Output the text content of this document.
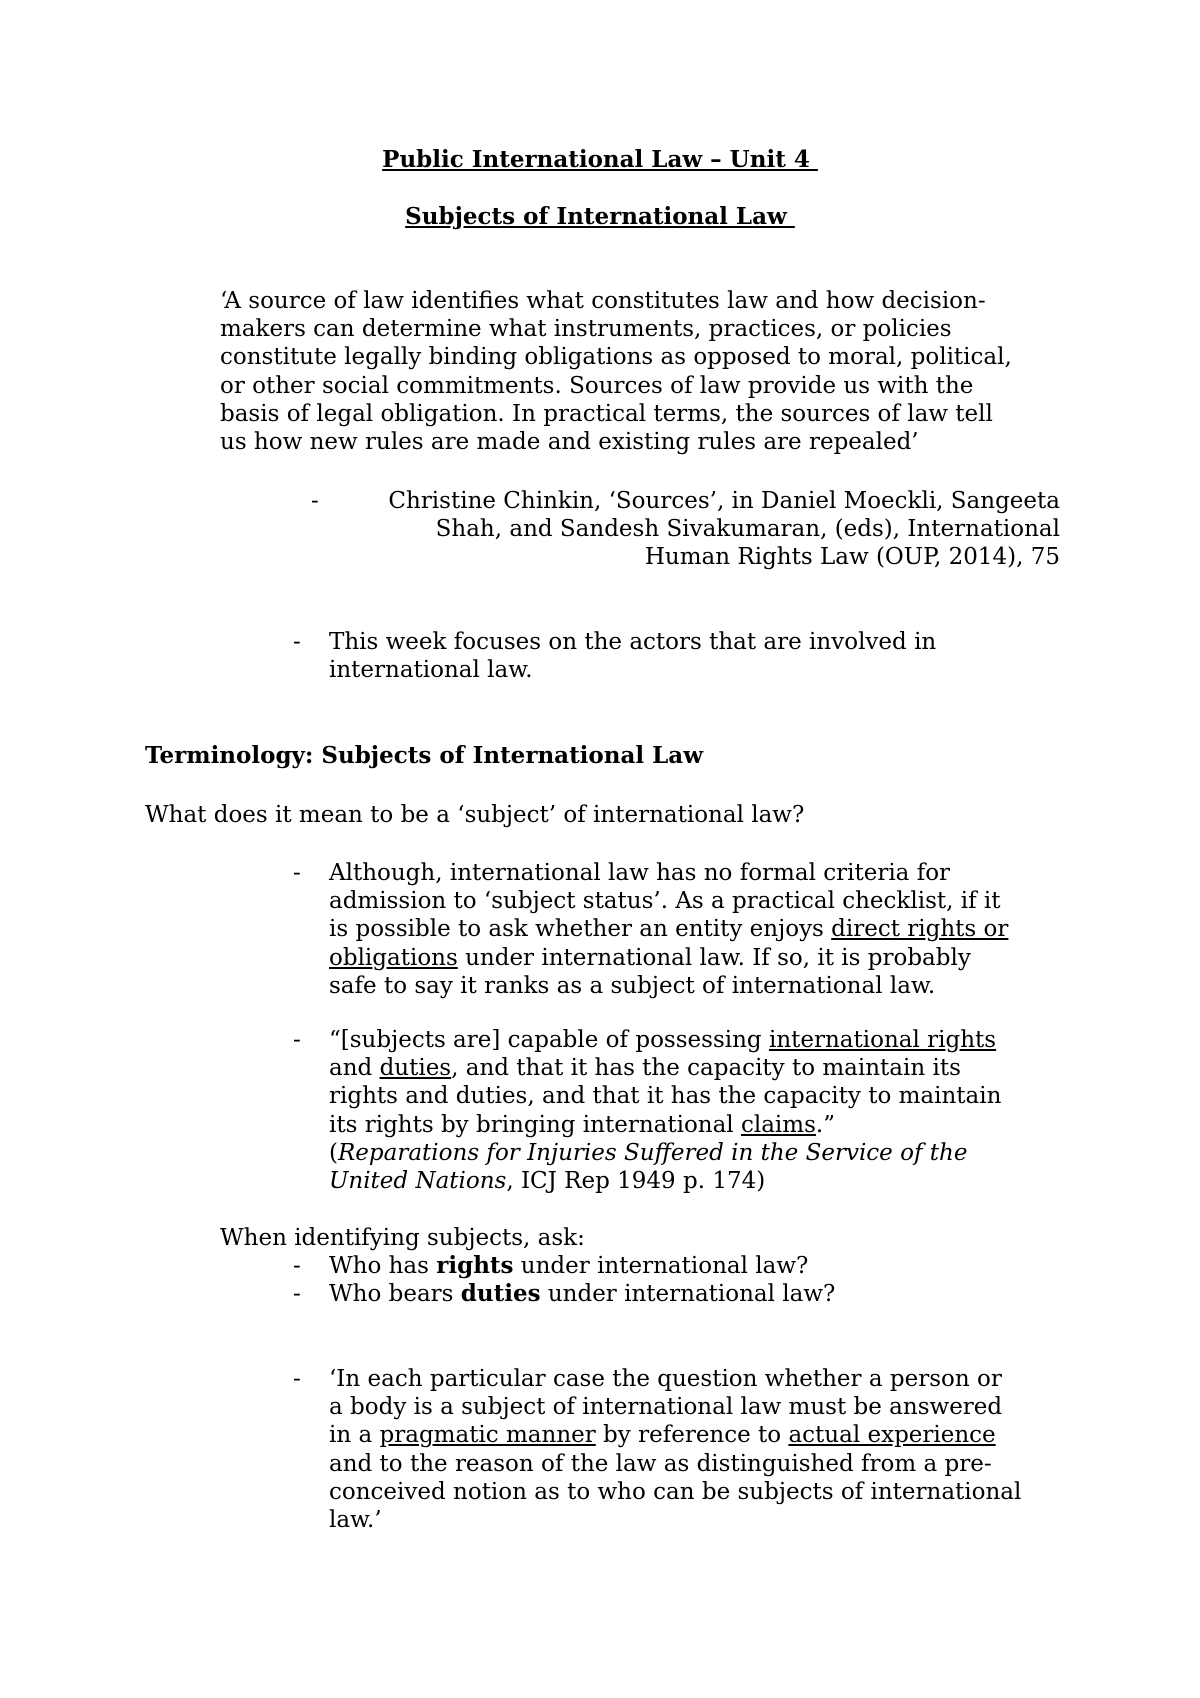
Public International Law – Unit 4
Subjects of International Law
‘A source of law identifies what constitutes law and how decision-
makers can determine what instruments, practices, or policies
constitute legally binding obligations as opposed to moral, political,
or other social commitments. Sources of law provide us with the
basis of legal obligation. In practical terms, the sources of law tell
us how new rules are made and existing rules are repealed’
-	Christine Chinkin, ‘Sources’, in Daniel Moeckli, Sangeeta
Shah, and Sandesh Sivakumaran, (eds), International
Human Rights Law (OUP, 2014), 75
-	This week focuses on the actors that are involved in
international law.
Terminology: Subjects of International Law
What does it mean to be a ‘subject’ of international law?
-	Although, international law has no formal criteria for
admission to ‘subject status’. As a practical checklist, if it
is possible to ask whether an entity enjoys direct rights or
obligations under international law. If so, it is probably
safe to say it ranks as a subject of international law.
-	“[subjects are] capable of possessing international rights
and duties, and that it has the capacity to maintain its
rights and duties, and that it has the capacity to maintain
its rights by bringing international claims.”
(Reparations for Injuries Suffered in the Service of the
United Nations, ICJ Rep 1949 p. 174)
When identifying subjects, ask:
-	Who has rights under international law?
-	Who bears duties under international law?
-	‘In each particular case the question whether a person or
a body is a subject of international law must be answered
in a pragmatic manner by reference to actual experience
and to the reason of the law as distinguished from a pre-
conceived notion as to who can be subjects of international
law.’
